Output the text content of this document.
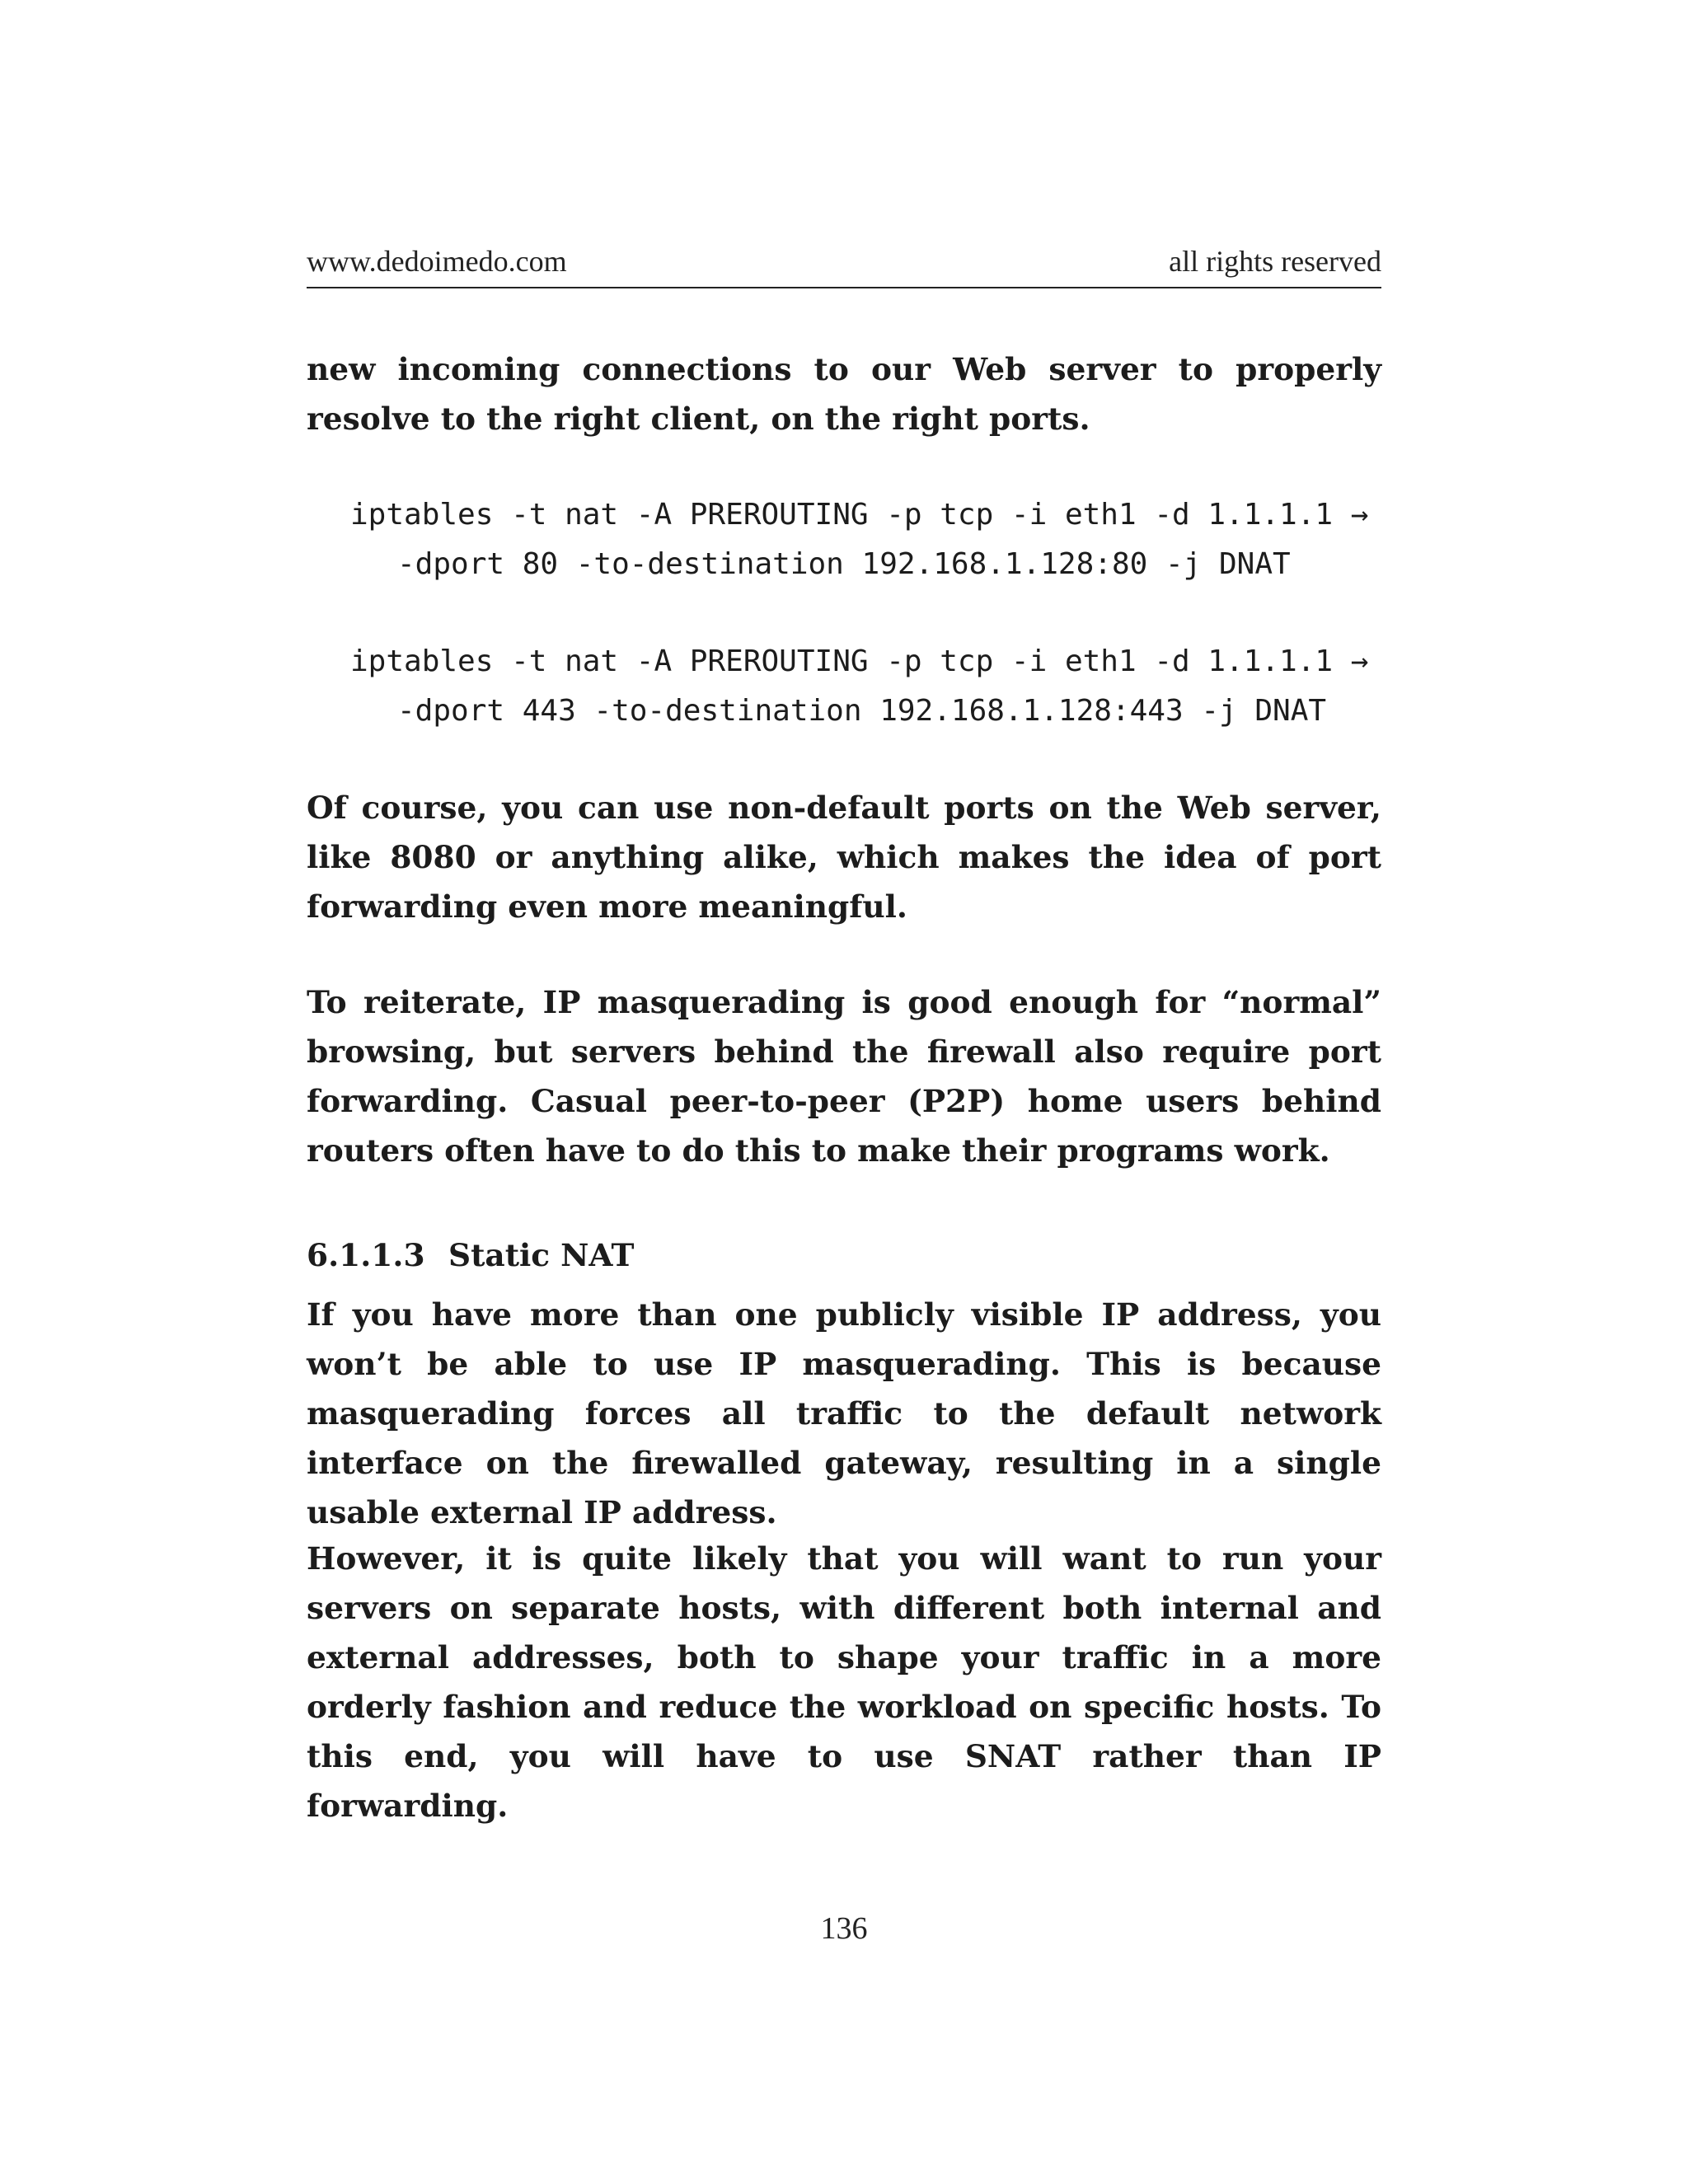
www.dedoimedo.com	all rights reserved

new incoming connections to our Web server to properly resolve to the right client, on the right ports.

iptables -t nat -A PREROUTING -p tcp -i eth1 -d 1.1.1.1 →
-dport 80 -to-destination 192.168.1.128:80 -j DNAT
iptables -t nat -A PREROUTING -p tcp -i eth1 -d 1.1.1.1 →
-dport 443 -to-destination 192.168.1.128:443 -j DNAT

Of course, you can use non-default ports on the Web server, like 8080 or anything alike, which makes the idea of port forwarding even more meaningful.

To reiterate, IP masquerading is good enough for “normal” browsing, but servers behind the firewall also require port forwarding. Casual peer-to-peer (P2P) home users behind routers often have to do this to make their programs work.

6.1.1.3 Static NAT

If you have more than one publicly visible IP address, you won’t be able to use IP masquerading. This is because masquerading forces all traffic to the default network interface on the firewalled gateway, resulting in a single usable external IP address.

However, it is quite likely that you will want to run your servers on separate hosts, with different both internal and external addresses, both to shape your traffic in a more orderly fashion and reduce the workload on specific hosts. To this end, you will have to use SNAT rather than IP forwarding.

136
